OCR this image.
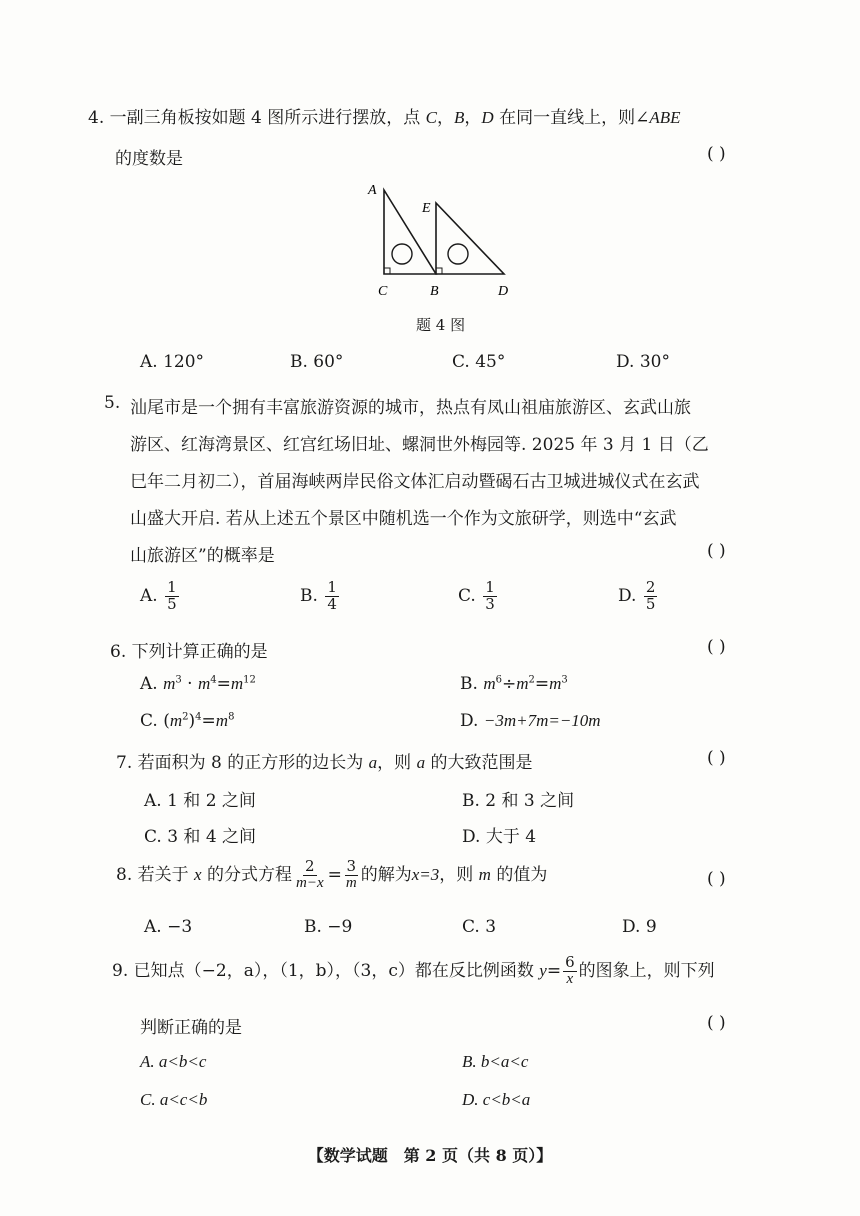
4. 一副三角板按如题 4 图所示进行摆放，点 C，B，D 在同一直线上，则∠ABE
的度数是	( )
A
E
C	B	D
题 4 图
A. 120°	B. 60°	C. 45°	D. 30°
5. 汕尾市是一个拥有丰富旅游资源的城市，热点有凤山祖庙旅游区、玄武山旅
游区、红海湾景区、红宫红场旧址、螺洞世外梅园等. 2025 年 3 月 1 日（乙
巳年二月初二），首届海峡两岸民俗文体汇启动暨碣石古卫城进城仪式在玄武
山盛大开启. 若从上述五个景区中随机选一个作为文旅研学，则选中“玄武
山旅游区”的概率是	( )
A. $\frac{1}{5}$	B. $\frac{1}{4}$	C. $\frac{1}{3}$	D. $\frac{2}{5}$
6. 下列计算正确的是	( )
A. $m^3 \cdot m^4=m^{12}$	B. $m^6\div m^2=m^3$
C. $(m^2)^4=m^8$	D. −3m+7m=−10m
7. 若面积为 8 的正方形的边长为 a，则 a 的大致范围是	( )
A. 1 和 2 之间	B. 2 和 3 之间
C. 3 和 4 之间	D. 大于 4
8. 若关于 x 的分式方程 $\frac{2}{m-x} = \frac{3}{m}$ 的解为x=3，则 m 的值为	( )
A. −3	B. −9	C. 3	D. 9
9. 已知点（−2，a），（1，b），（3，c）都在反比例函数 $y= \frac{6}{x}$ 的图象上，则下列
判断正确的是	( )
A. a<b<c	B. b<a<c
C. a<c<b	D. c<b<a
【数学试题　第 2 页（共 8 页）】
